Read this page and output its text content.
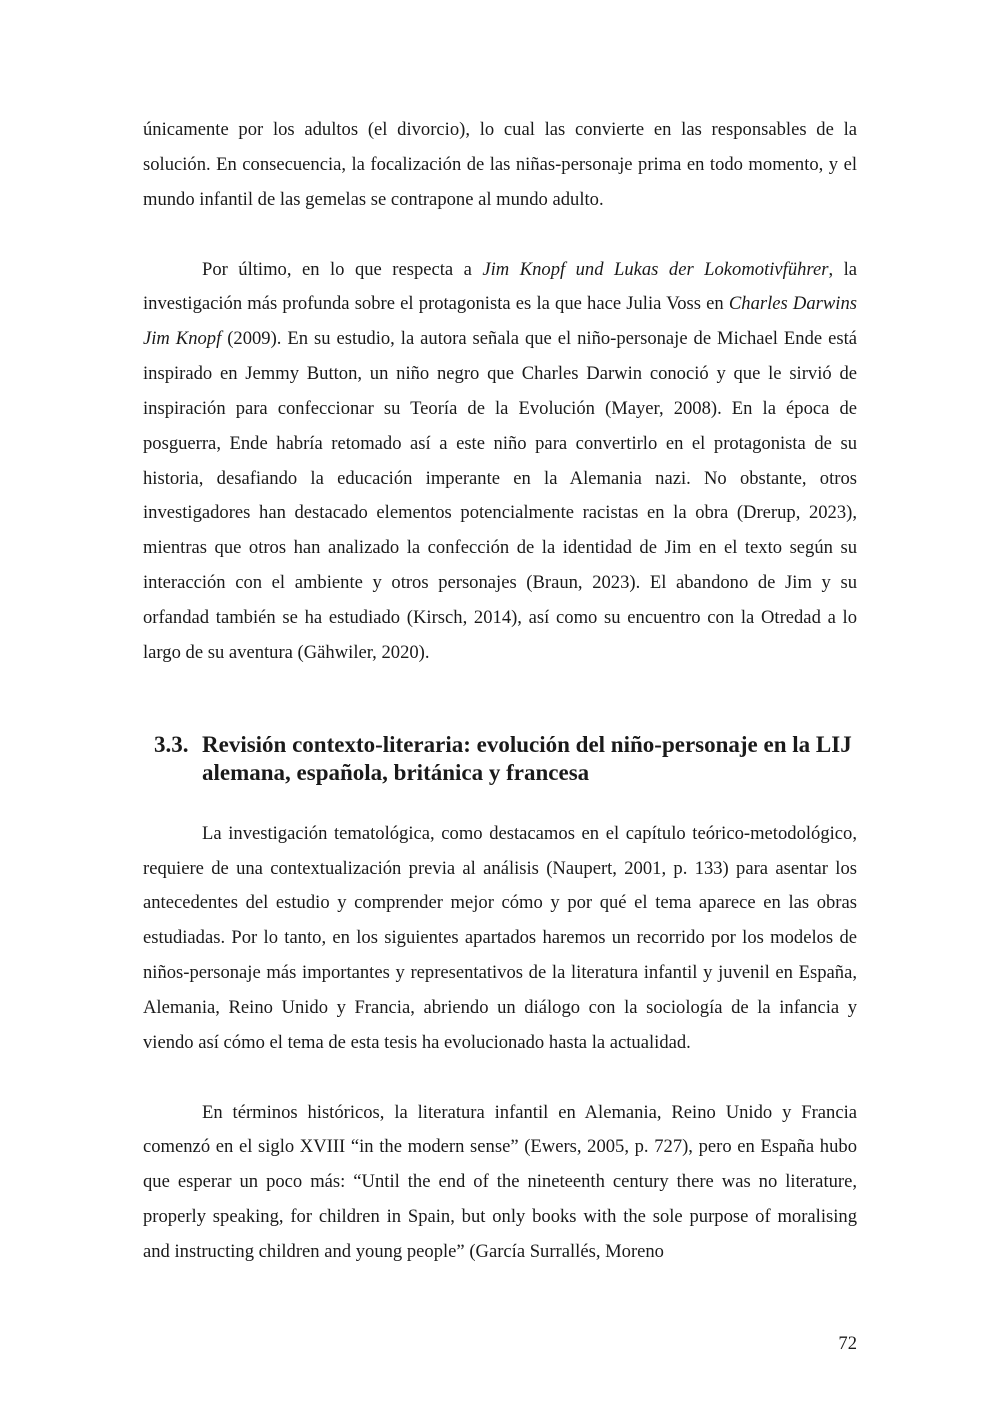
únicamente por los adultos (el divorcio), lo cual las convierte en las responsables de la solución. En consecuencia, la focalización de las niñas-personaje prima en todo momento, y el mundo infantil de las gemelas se contrapone al mundo adulto.

Por último, en lo que respecta a Jim Knopf und Lukas der Lokomotivführer, la investigación más profunda sobre el protagonista es la que hace Julia Voss en Charles Darwins Jim Knopf (2009). En su estudio, la autora señala que el niño-personaje de Michael Ende está inspirado en Jemmy Button, un niño negro que Charles Darwin conoció y que le sirvió de inspiración para confeccionar su Teoría de la Evolución (Mayer, 2008). En la época de posguerra, Ende habría retomado así a este niño para convertirlo en el protagonista de su historia, desafiando la educación imperante en la Alemania nazi. No obstante, otros investigadores han destacado elementos potencialmente racistas en la obra (Drerup, 2023), mientras que otros han analizado la confección de la identidad de Jim en el texto según su interacción con el ambiente y otros personajes (Braun, 2023). El abandono de Jim y su orfandad también se ha estudiado (Kirsch, 2014), así como su encuentro con la Otredad a lo largo de su aventura (Gähwiler, 2020).

3.3. Revisión contexto-literaria: evolución del niño-personaje en la LIJ alemana, española, británica y francesa

La investigación tematológica, como destacamos en el capítulo teórico-metodológico, requiere de una contextualización previa al análisis (Naupert, 2001, p. 133) para asentar los antecedentes del estudio y comprender mejor cómo y por qué el tema aparece en las obras estudiadas. Por lo tanto, en los siguientes apartados haremos un recorrido por los modelos de niños-personaje más importantes y representativos de la literatura infantil y juvenil en España, Alemania, Reino Unido y Francia, abriendo un diálogo con la sociología de la infancia y viendo así cómo el tema de esta tesis ha evolucionado hasta la actualidad.

En términos históricos, la literatura infantil en Alemania, Reino Unido y Francia comenzó en el siglo XVIII “in the modern sense” (Ewers, 2005, p. 727), pero en España hubo que esperar un poco más: “Until the end of the nineteenth century there was no literature, properly speaking, for children in Spain, but only books with the sole purpose of moralising and instructing children and young people” (García Surrallés, Moreno

72
